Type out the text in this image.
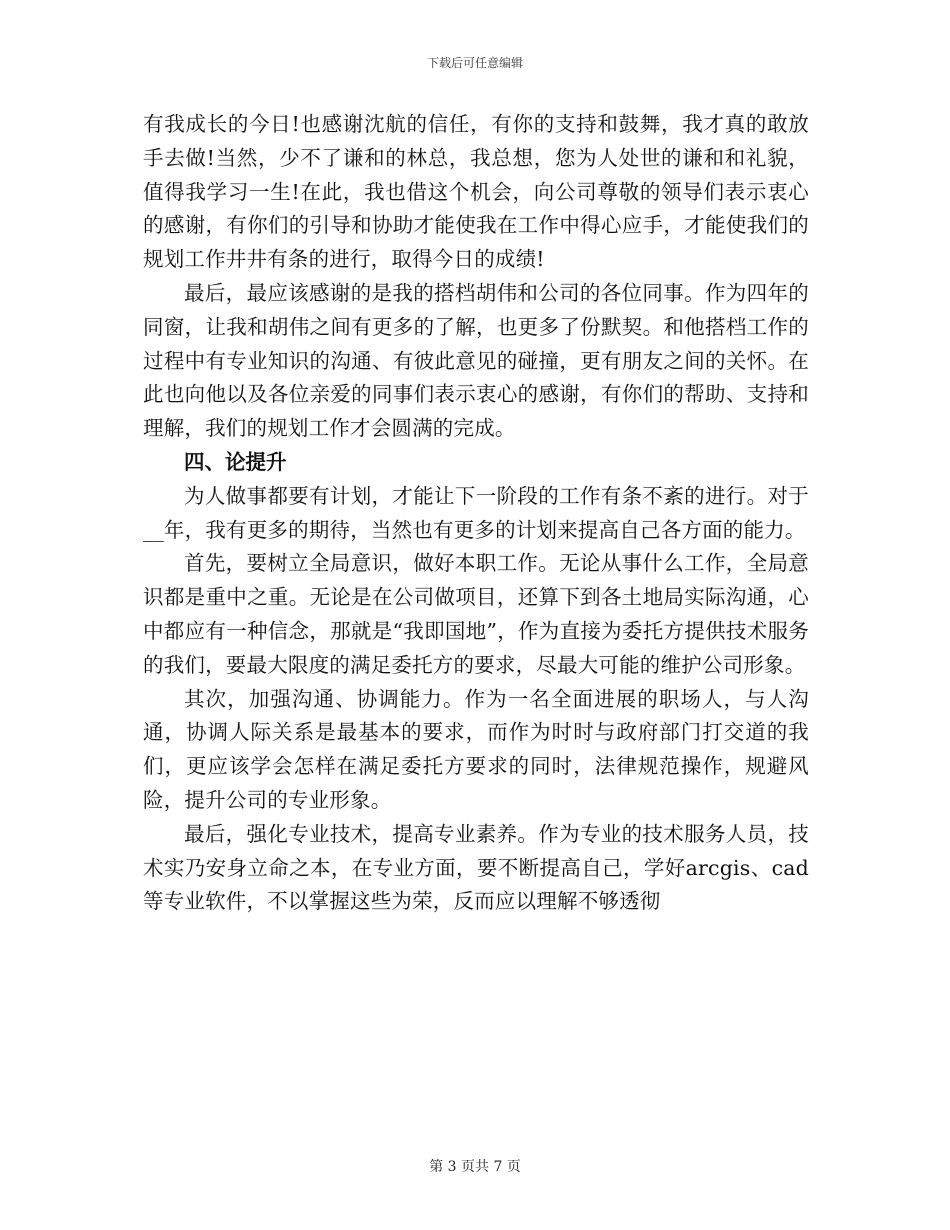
下载后可任意编辑

有我成长的今日!也感谢沈航的信任，有你的支持和鼓舞，我才真的敢放手去做!当然，少不了谦和的林总，我总想，您为人处世的谦和和礼貌，值得我学习一生!在此，我也借这个机会，向公司尊敬的领导们表示衷心的感谢，有你们的引导和协助才能使我在工作中得心应手，才能使我们的规划工作井井有条的进行，取得今日的成绩!

最后，最应该感谢的是我的搭档胡伟和公司的各位同事。作为四年的同窗，让我和胡伟之间有更多的了解，也更多了份默契。和他搭档工作的过程中有专业知识的沟通、有彼此意见的碰撞，更有朋友之间的关怀。在此也向他以及各位亲爱的同事们表示衷心的感谢，有你们的帮助、支持和理解，我们的规划工作才会圆满的完成。

四、论提升

为人做事都要有计划，才能让下一阶段的工作有条不紊的进行。对于__年，我有更多的期待，当然也有更多的计划来提高自己各方面的能力。

首先，要树立全局意识，做好本职工作。无论从事什么工作，全局意识都是重中之重。无论是在公司做项目，还算下到各土地局实际沟通，心中都应有一种信念，那就是“我即国地”，作为直接为委托方提供技术服务的我们，要最大限度的满足委托方的要求，尽最大可能的维护公司形象。

其次，加强沟通、协调能力。作为一名全面进展的职场人，与人沟通，协调人际关系是最基本的要求，而作为时时与政府部门打交道的我们，更应该学会怎样在满足委托方要求的同时，法律规范操作，规避风险，提升公司的专业形象。

最后，强化专业技术，提高专业素养。作为专业的技术服务人员，技术实乃安身立命之本，在专业方面，要不断提高自己，学好arcgis、cad等专业软件，不以掌握这些为荣，反而应以理解不够透彻

第 3 页共 7 页
